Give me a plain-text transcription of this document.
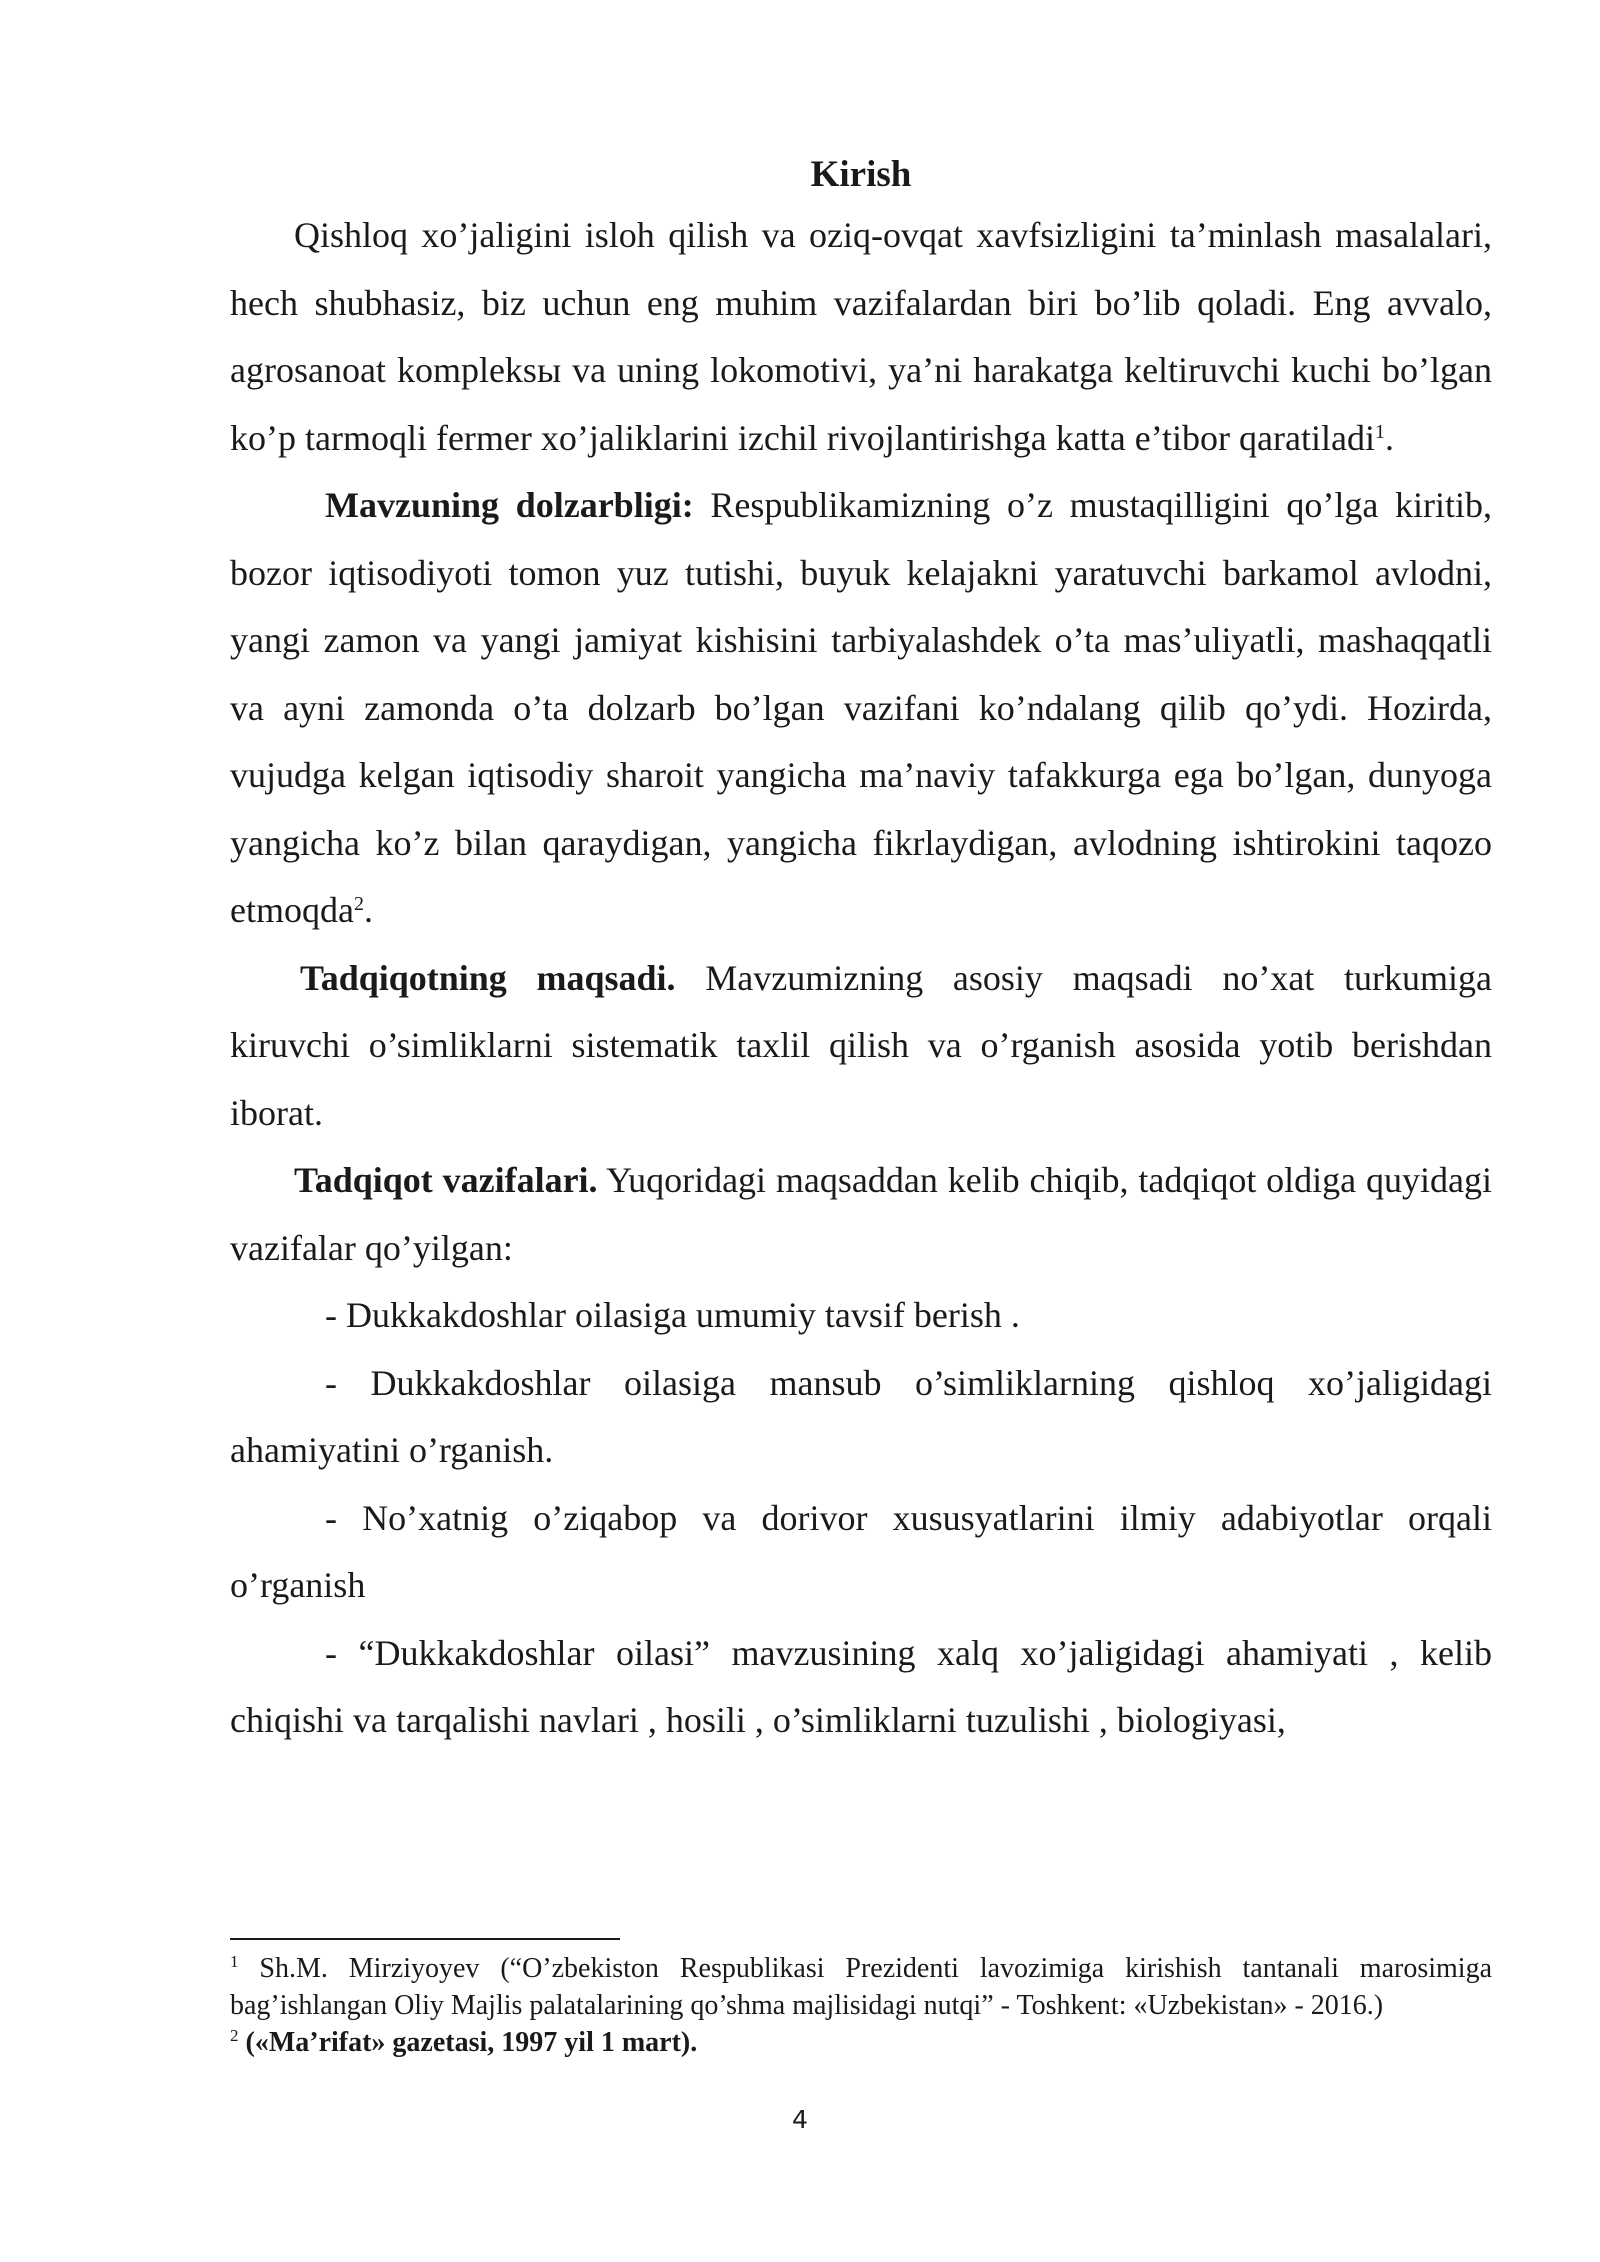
Kirish

Qishloq xo’jaligini isloh qilish va oziq-ovqat xavfsizligini ta’minlash masalalari, hech shubhasiz, biz uchun eng muhim vazifalardan biri bo’lib qoladi. Eng avvalo, agrosanoat kompleksы va uning lokomotivi, ya’ni harakatga keltiruvchi kuchi bo’lgan ko’p tarmoqli fermer xo’jaliklarini izchil rivojlantirishga katta e’tibor qaratiladi$^1$.

Mavzuning dolzarbligi: Respublikamizning o’z mustaqilligini qo’lga kiritib, bozor iqtisodiyoti tomon yuz tutishi, buyuk kelajakni yaratuvchi barkamol avlodni, yangi zamon va yangi jamiyat kishisini tarbiyalashdek o’ta mas’uliyatli, mashaqqatli va ayni zamonda o’ta dolzarb bo’lgan vazifani ko’ndalang qilib qo’ydi. Hozirda, vujudga kelgan iqtisodiy sharoit yangicha ma’naviy tafakkurga ega bo’lgan, dunyoga yangicha ko’z bilan qaraydigan, yangicha fikrlaydigan, avlodning ishtirokini taqozo etmoqda$^2$.

Tadqiqotning maqsadi. Mavzumizning asosiy maqsadi no’xat turkumiga kiruvchi o’simliklarni sistematik taxlil qilish va o’rganish asosida yotib berishdan iborat.

Tadqiqot vazifalari. Yuqoridagi maqsaddan kelib chiqib, tadqiqot oldiga quyidagi vazifalar qo’yilgan:

- Dukkakdoshlar oilasiga umumiy tavsif berish .

- Dukkakdoshlar oilasiga mansub o’simliklarning qishloq xo’jaligidagi ahamiyatini o’rganish.

- No’xatnig o’ziqabop va dorivor xususyatlarini ilmiy adabiyotlar orqali o’rganish

- “Dukkakdoshlar oilasi” mavzusining xalq xo’jaligidagi ahamiyati , kelib chiqishi va tarqalishi navlari , hosili , o’simliklarni tuzulishi , biologiyasi,

$^1$ Sh.M. Mirziyoyev (“O’zbekiston Respublikasi Prezidenti lavozimiga kirishish tantanali marosimiga bag’ishlangan Oliy Majlis palatalarining qo’shma majlisidagi nutqi” - Toshkent: «Uzbekistan» - 2016.)

$^2$ («Ma’rifat» gazetasi, 1997 yil 1 mart).

4
